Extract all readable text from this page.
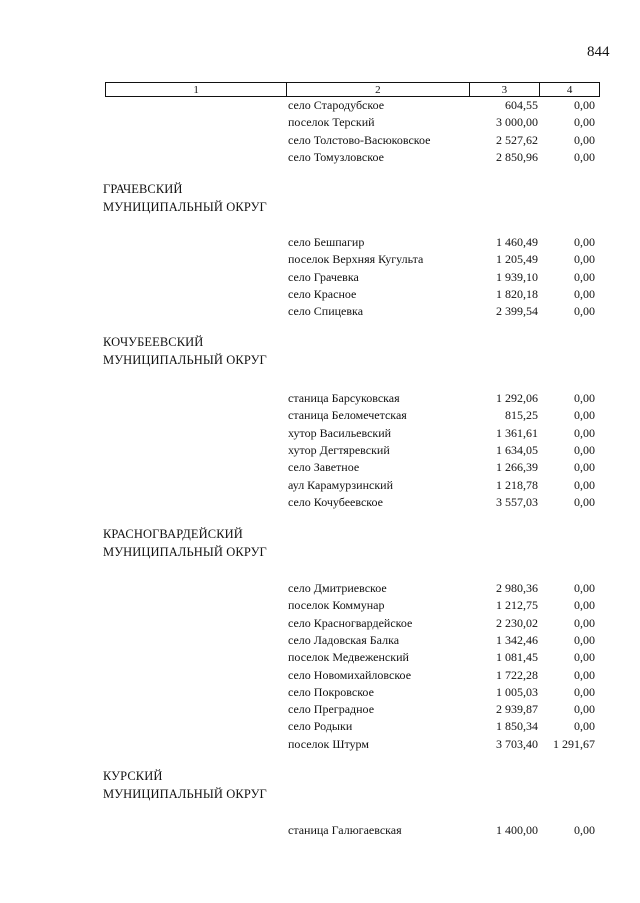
844
1	2	3	4
село Стародубское	604,55	0,00
поселок Терский	3 000,00	0,00
село Толстово-Васюковское	2 527,62	0,00
село Томузловское	2 850,96	0,00
ГРАЧЕВСКИЙ
МУНИЦИПАЛЬНЫЙ ОКРУГ
село Бешпагир	1 460,49	0,00
поселок Верхняя Кугульта	1 205,49	0,00
село Грачевка	1 939,10	0,00
село Красное	1 820,18	0,00
село Спицевка	2 399,54	0,00
КОЧУБЕЕВСКИЙ
МУНИЦИПАЛЬНЫЙ ОКРУГ
станица Барсуковская	1 292,06	0,00
станица Беломечетская	815,25	0,00
хутор Васильевский	1 361,61	0,00
хутор Дегтяревский	1 634,05	0,00
село Заветное	1 266,39	0,00
аул Карамурзинский	1 218,78	0,00
село Кочубеевское	3 557,03	0,00
КРАСНОГВАРДЕЙСКИЙ
МУНИЦИПАЛЬНЫЙ ОКРУГ
село Дмитриевское	2 980,36	0,00
поселок Коммунар	1 212,75	0,00
село Красногвардейское	2 230,02	0,00
село Ладовская Балка	1 342,46	0,00
поселок Медвеженский	1 081,45	0,00
село Новомихайловское	1 722,28	0,00
село Покровское	1 005,03	0,00
село Преградное	2 939,87	0,00
село Родыки	1 850,34	0,00
поселок Штурм	3 703,40 1 291,67
КУРСКИЙ
МУНИЦИПАЛЬНЫЙ ОКРУГ
станица Галюгаевская	1 400,00	0,00
